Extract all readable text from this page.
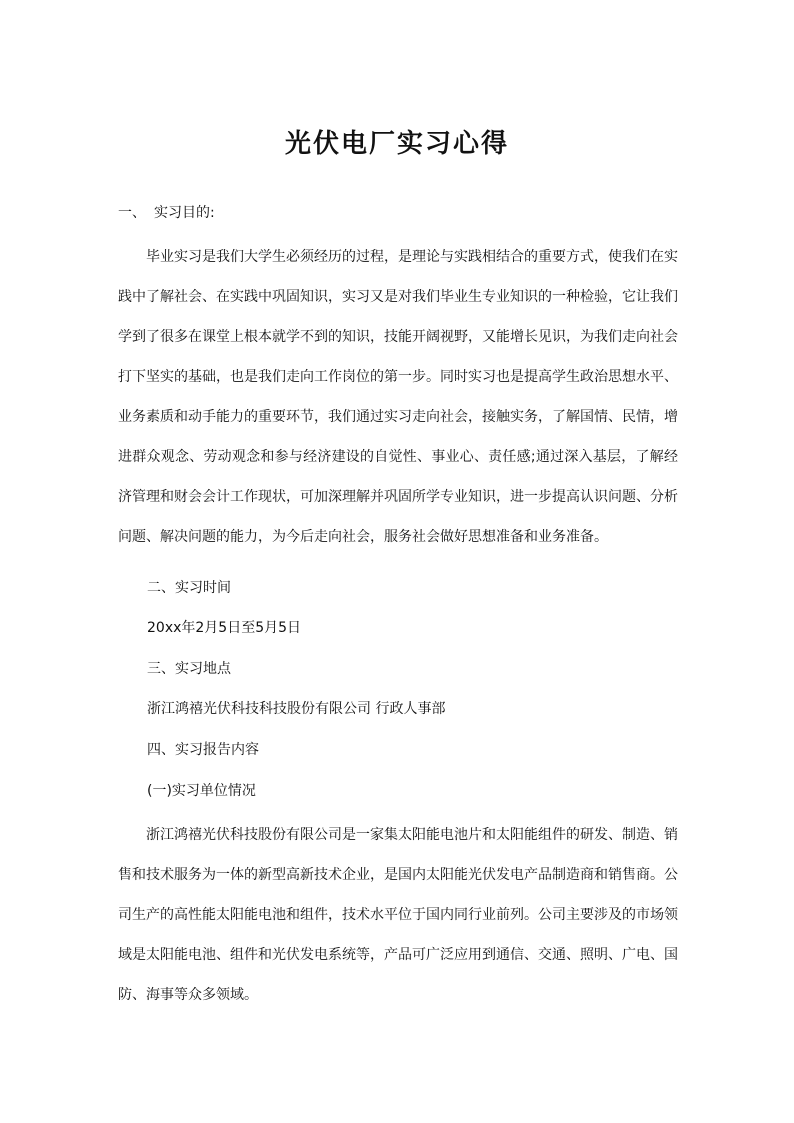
光伏电厂实习心得
一、 实习目的:

毕业实习是我们大学生必须经历的过程，是理论与实践相结合的重要方式，使我们在实践中了解社会、在实践中巩固知识，实习又是对我们毕业生专业知识的一种检验，它让我们学到了很多在课堂上根本就学不到的知识，技能开阔视野，又能增长见识，为我们走向社会打下坚实的基础，也是我们走向工作岗位的第一步。同时实习也是提高学生政治思想水平、业务素质和动手能力的重要环节，我们通过实习走向社会，接触实务，了解国情、民情，增进群众观念、劳动观念和参与经济建设的自觉性、事业心、责任感;通过深入基层，了解经济管理和财会会计工作现状，可加深理解并巩固所学专业知识，进一步提高认识问题、分析问题、解决问题的能力，为今后走向社会，服务社会做好思想准备和业务准备。

二、实习时间
20xx年2月5日至5月5日
三、实习地点
浙江鸿禧光伏科技科技股份有限公司 行政人事部
四、实习报告内容
(一)实习单位情况

浙江鸿禧光伏科技股份有限公司是一家集太阳能电池片和太阳能组件的研发、制造、销售和技术服务为一体的新型高新技术企业，是国内太阳能光伏发电产品制造商和销售商。公司生产的高性能太阳能电池和组件，技术水平位于国内同行业前列。公司主要涉及的市场领域是太阳能电池、组件和光伏发电系统等，产品可广泛应用到通信、交通、照明、广电、国防、海事等众多领域。
